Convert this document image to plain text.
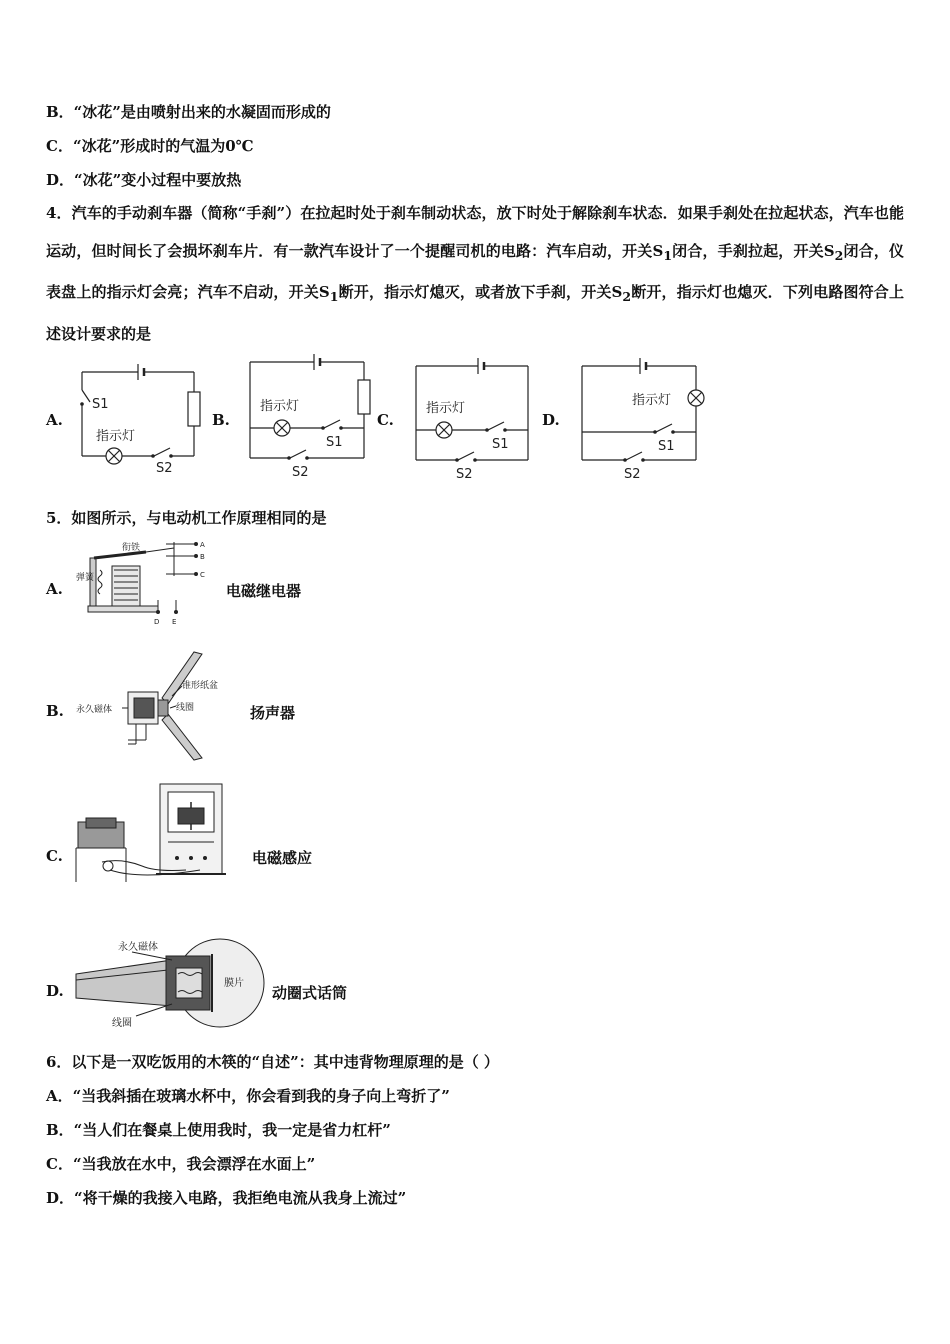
B．“冰花”是由喷射出来的水凝固而形成的
C．“冰花”形成时的气温为0℃
D．“冰花”变小过程中要放热
4．汽车的手动刹车器（简称“手刹”）在拉起时处于刹车制动状态，放下时处于解除刹车状态．如果手刹处在拉起状态，汽车也能运动，但时间长了会损坏刹车片．有一款汽车设计了一个提醒司机的电路：汽车启动，开关$S_1$闭合，手刹拉起，开关$S_2$闭合，仪表盘上的指示灯会亮；汽车不启动，开关$S_1$断开，指示灯熄灭，或者放下手刹，开关$S_2$断开，指示灯也熄灭．下列电路图符合上述设计要求的是
A.	B.	C.	D.
S1
指示灯
S2
指示灯
S1
S2
指示灯
S1
S2
指示灯
S1
S2
5．如图所示，与电动机工作原理相同的是
A.
衔铁
弹簧
A
B
C
D E
电磁继电器
B.
锥形纸盆
永久磁体	线圈	扬声器
C.	电磁感应
D.
永久磁体
膜片
线圈
动圈式话筒
6．以下是一双吃饭用的木筷的“自述”：其中违背物理原理的是（ ）
A．“当我斜插在玻璃水杯中，你会看到我的身子向上弯折了”
B．“当人们在餐桌上使用我时，我一定是省力杠杆”
C．“当我放在水中，我会漂浮在水面上”
D．“将干燥的我接入电路，我拒绝电流从我身上流过”
